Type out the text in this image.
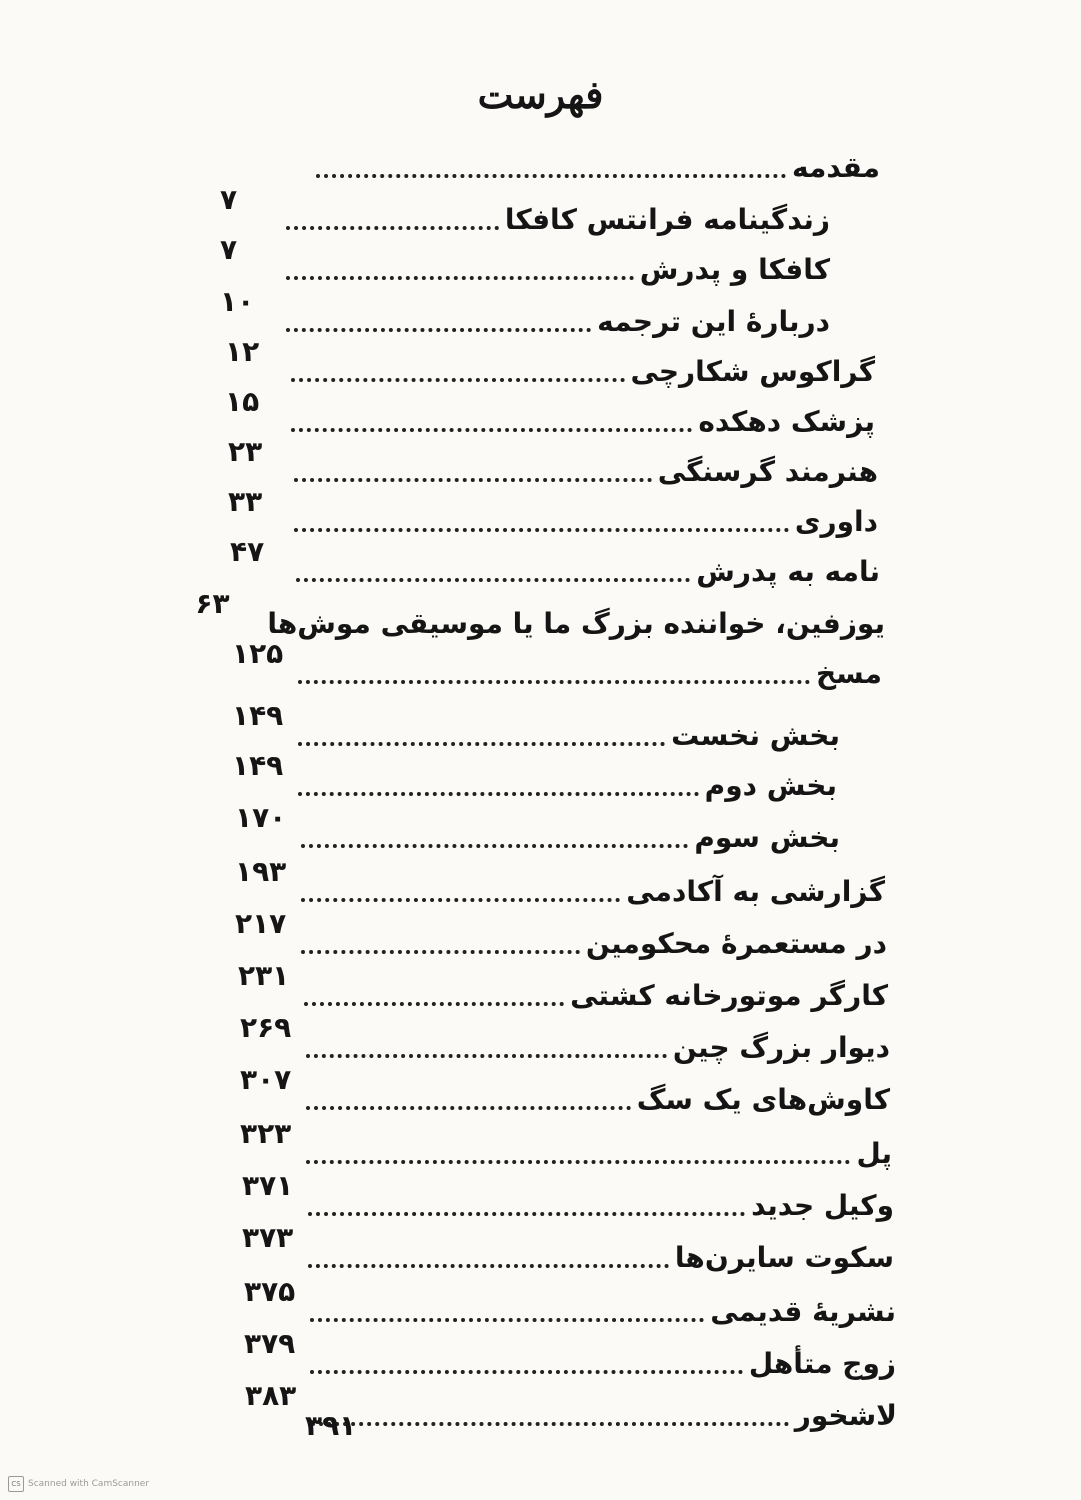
فهرست
مقدمه
زندگینامه فرانتس کافکا
۷
کافکا و پدرش
۷
دربارهٔ این ترجمه
۱۰
گراکوس شکارچی
۱۲
پزشک دهکده
۱۵
هنرمند گرسنگی
۲۳
داوری
۳۳
نامه به پدرش
۴۷
یوزفین، خواننده بزرگ ما یا موسیقی موش‌ها
۶۳
مسخ
۱۲۵
بخش نخست
۱۴۹
بخش دوم
۱۴۹
بخش سوم
۱۷۰
گزارشی به آکادمی
۱۹۳
در مستعمرهٔ محکومین
۲۱۷
کارگر موتورخانه کشتی
۲۳۱
دیوار بزرگ چین
۲۶۹
کاوش‌های یک سگ
۳۰۷
پل
۳۲۳
وکیل جدید
۳۷۱
سکوت سایرن‌ها
۳۷۳
نشریهٔ قدیمی
۳۷۵
زوج متأهل
۳۷۹
لاشخور
۳۸۳
۳۹۱
CS Scanned with CamScanner
